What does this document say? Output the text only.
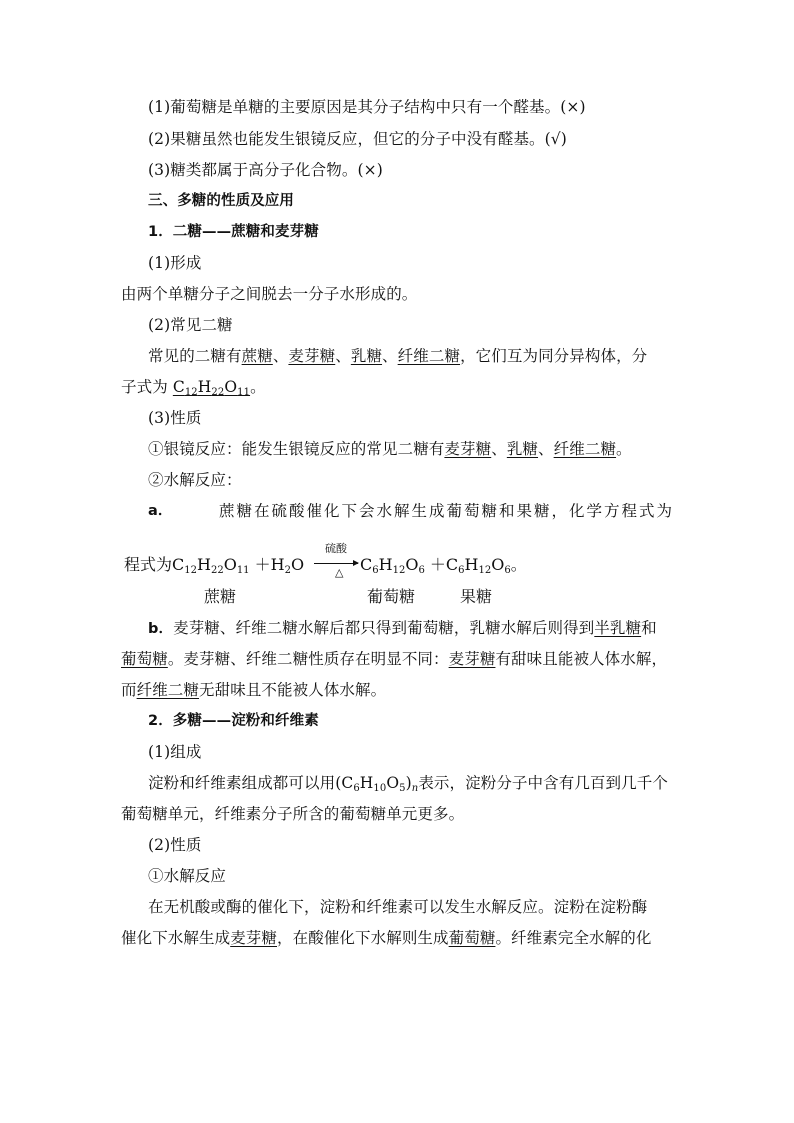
(1)葡萄糖是单糖的主要原因是其分子结构中只有一个醛基。(×)
(2)果糖虽然也能发生银镜反应，但它的分子中没有醛基。(√)
(3)糖类都属于高分子化合物。(×)
三、多糖的性质及应用
1．二糖——蔗糖和麦芽糖
(1)形成
由两个单糖分子之间脱去一分子水形成的。
(2)常见二糖
常见的二糖有蔗糖、麦芽糖、乳糖、纤维二糖，它们互为同分异构体，分
子式为 $C_{12}H_{22}O_{11}$。
(3)性质
①银镜反应：能发生银镜反应的常见二糖有麦芽糖、乳糖、纤维二糖。
②水解反应：
a．	蔗糖在硫酸催化下会水解生成葡萄糖和果糖，化学方程式为
程式为$C_{12}H_{22}O_{11} +H_2O$
硫酸
△ $C_6H_{12}O_6 +C_6H_{12}O_6$。
蔗糖	葡萄糖	果糖
b．麦芽糖、纤维二糖水解后都只得到葡萄糖，乳糖水解后则得到半乳糖和
葡萄糖。麦芽糖、纤维二糖性质存在明显不同：麦芽糖有甜味且能被人体水解，
而纤维二糖无甜味且不能被人体水解。
2．多糖——淀粉和纤维素
(1)组成
淀粉和纤维素组成都可以用$(C_6H_{10}O_5)_n$表示，淀粉分子中含有几百到几千个
葡萄糖单元，纤维素分子所含的葡萄糖单元更多。
(2)性质
①水解反应
在无机酸或酶的催化下，淀粉和纤维素可以发生水解反应。淀粉在淀粉酶
催化下水解生成麦芽糖，在酸催化下水解则生成葡萄糖。纤维素完全水解的化
